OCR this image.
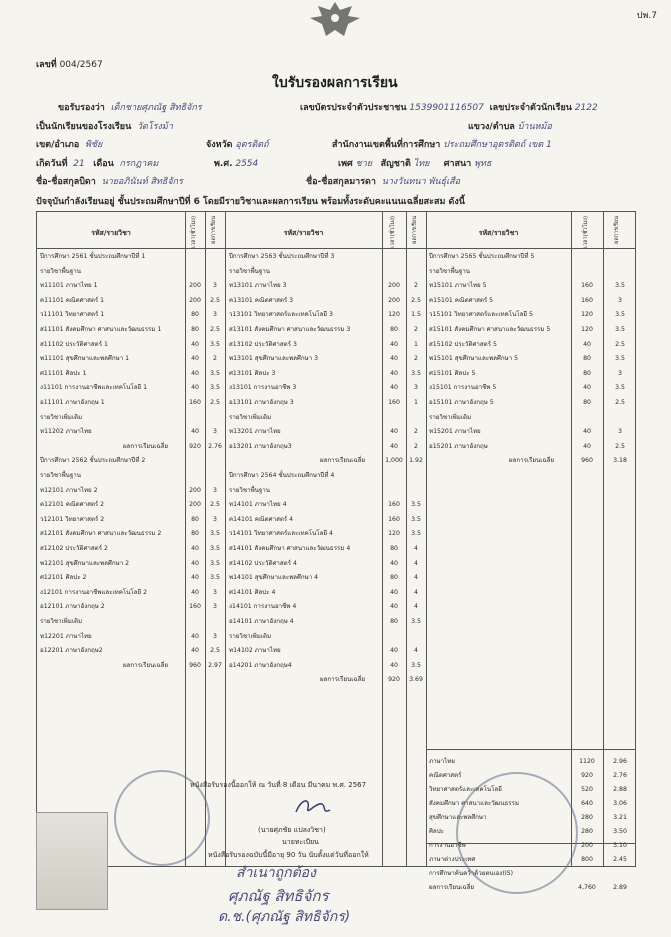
ปพ.7
เลขที่ 004/2567
ใบรับรองผลการเรียน
ขอรับรองว่า เด็กชายศุภณัฐ สิทธิจักร	เลขบัตรประจำตัวประชาชน 1539901116507 เลขประจำตัวนักเรียน 2122
เป็นนักเรียนของโรงเรียน วัดโรงม้า	แขวง/ตำบล บ้านหม้อ
เขต/อำเภอ พิชัย	จังหวัด อุตรดิตถ์	สำนักงานเขตพื้นที่การศึกษา ประถมศึกษาอุตรดิตถ์ เขต 1
เกิดวันที่ 21 เดือน กรกฎาคม	พ.ศ. 2554	เพศ ชาย สัญชาติ ไทย ศาสนา พุทธ
ชื่อ-ชื่อสกุลบิดา นายอภินันท์ สิทธิจักร	ชื่อ-ชื่อสกุลมารดา นางวันทนา พันธุ์เสือ
ปัจจุบันกำลังเรียนอยู่ ชั้นประถมศึกษาปีที่ 6 โดยมีรายวิชาและผลการเรียน พร้อมทั้งระดับคะแนนเฉลี่ยสะสม ดังนี้
รหัส/รายวิชา	เวลา(ชั่วโมง)	ผลการเรียน	รหัส/รายวิชา	เวลา(ชั่วโมง)	ผลการเรียน	รหัส/รายวิชา	เวลา(ชั่วโมง)	ผลการเรียน
ปีการศึกษา 2561 ชั้นประถมศึกษาปีที่ 1
รายวิชาพื้นฐาน
ท11101 ภาษาไทย 1	200	3
ค11101 คณิตศาสตร์ 1	200	2.5
ว11101 วิทยาศาสตร์ 1	80	3
ส11101 สังคมศึกษา ศาสนาและวัฒนธรรม 1	80	2.5
ส11102 ประวัติศาสตร์ 1	40	3.5
พ11101 สุขศึกษาและพลศึกษา 1	40	2
ศ11101 ศิลปะ 1	40	3.5
ง11101 การงานอาชีพและเทคโนโลยี 1	40	3.5
อ11101 ภาษาอังกฤษ 1	160	2.5
รายวิชาเพิ่มเติม
ท11202 ภาษาไทย	40	3
ผลการเรียนเฉลี่ย	920	2.76
ปีการศึกษา 2562 ชั้นประถมศึกษาปีที่ 2
รายวิชาพื้นฐาน
ท12101 ภาษาไทย 2	200	3
ค12101 คณิตศาสตร์ 2	200	2.5
ว12101 วิทยาศาสตร์ 2	80	3
ส12101 สังคมศึกษา ศาสนาและวัฒนธรรม 2	80	3.5
ส12102 ประวัติศาสตร์ 2	40	3.5
พ12101 สุขศึกษาและพลศึกษา 2	40	3.5
ศ12101 ศิลปะ 2	40	3.5
ง12101 การงานอาชีพและเทคโนโลยี 2	40	3
อ12101 ภาษาอังกฤษ 2	160	3
รายวิชาเพิ่มเติม
ท12201 ภาษาไทย	40	3
อ12201 ภาษาอังกฤษ2	40	2.5
ผลการเรียนเฉลี่ย	960	2.97
ปีการศึกษา 2563 ชั้นประถมศึกษาปีที่ 3
รายวิชาพื้นฐาน
ท13101 ภาษาไทย 3	200	2
ค13101 คณิตศาสตร์ 3	200	2.5
ว13101 วิทยาศาสตร์และเทคโนโลยี 3	120	1.5
ส13101 สังคมศึกษา ศาสนาและวัฒนธรรม 3	80	2
ส13102 ประวัติศาสตร์ 3	40	1
พ13101 สุขศึกษาและพลศึกษา 3	40	2
ศ13101 ศิลปะ 3	40	3.5
ง13101 การงานอาชีพ 3	40	3
อ13101 ภาษาอังกฤษ 3	160	1
รายวิชาเพิ่มเติม
ท13201 ภาษาไทย	40	2
อ13201 ภาษาอังกฤษ3	40	2
ผลการเรียนเฉลี่ย	1,000	1.92
ปีการศึกษา 2564 ชั้นประถมศึกษาปีที่ 4
รายวิชาพื้นฐาน
ท14101 ภาษาไทย 4	160	3.5
ค14101 คณิตศาสตร์ 4	160	3.5
ว14101 วิทยาศาสตร์และเทคโนโลยี 4	120	3.5
ส14101 สังคมศึกษา ศาสนาและวัฒนธรรม 4	80	4
ส14102 ประวัติศาสตร์ 4	40	4
พ14101 สุขศึกษาและพลศึกษา 4	80	4
ศ14101 ศิลปะ 4	40	4
ง14101 การงานอาชีพ 4	40	4
อ14101 ภาษาอังกฤษ 4	80	3.5
รายวิชาเพิ่มเติม
ท14102 ภาษาไทย	40	4
อ14201 ภาษาอังกฤษ4	40	3.5
ผลการเรียนเฉลี่ย	920	3.69
ปีการศึกษา 2565 ชั้นประถมศึกษาปีที่ 5
รายวิชาพื้นฐาน
ท15101 ภาษาไทย 5	160	3.5
ค15101 คณิตศาสตร์ 5	160	3
ว15101 วิทยาศาสตร์และเทคโนโลยี 5	120	3.5
ส15101 สังคมศึกษา ศาสนาและวัฒนธรรม 5	120	3.5
ส15102 ประวัติศาสตร์ 5	40	2.5
พ15101 สุขศึกษาและพลศึกษา 5	80	3.5
ศ15101 ศิลปะ 5	80	3
ง15101 การงานอาชีพ 5	40	3.5
อ15101 ภาษาอังกฤษ 5	80	2.5
รายวิชาเพิ่มเติม
ท15201 ภาษาไทย	40	3
อ15201 ภาษาอังกฤษ	40	2.5
ผลการเรียนเฉลี่ย	960	3.18
ภาษาไทย	1120	2.96
คณิตศาสตร์	920	2.76
วิทยาศาสตร์และเทคโนโลยี	520	2.88
สังคมศึกษา ศาสนาและวัฒนธรรม	640	3.06
สุขศึกษาและพลศึกษา	280	3.21
ศิลปะ	280	3.50
การงานอาชีพ	200	3.10
ภาษาต่างประเทศ	800	2.45
การศึกษาค้นคว้าด้วยตนเอง(IS)
ผลการเรียนเฉลี่ย	4,760	2.89
หนังสือรับรองนี้ออกให้ ณ วันที่ 8 เดือน มีนาคม พ.ศ. 2567
(นายศุภชัย แปลงวิชา)
นายทะเบียน
หนังสือรับรองฉบับนี้มีอายุ 90 วัน นับตั้งแต่วันที่ออกให้
สำเนาถูกต้อง
ศุภณัฐ สิทธิจักร
ด.ช.(ศุภณัฐ สิทธิจักร)
